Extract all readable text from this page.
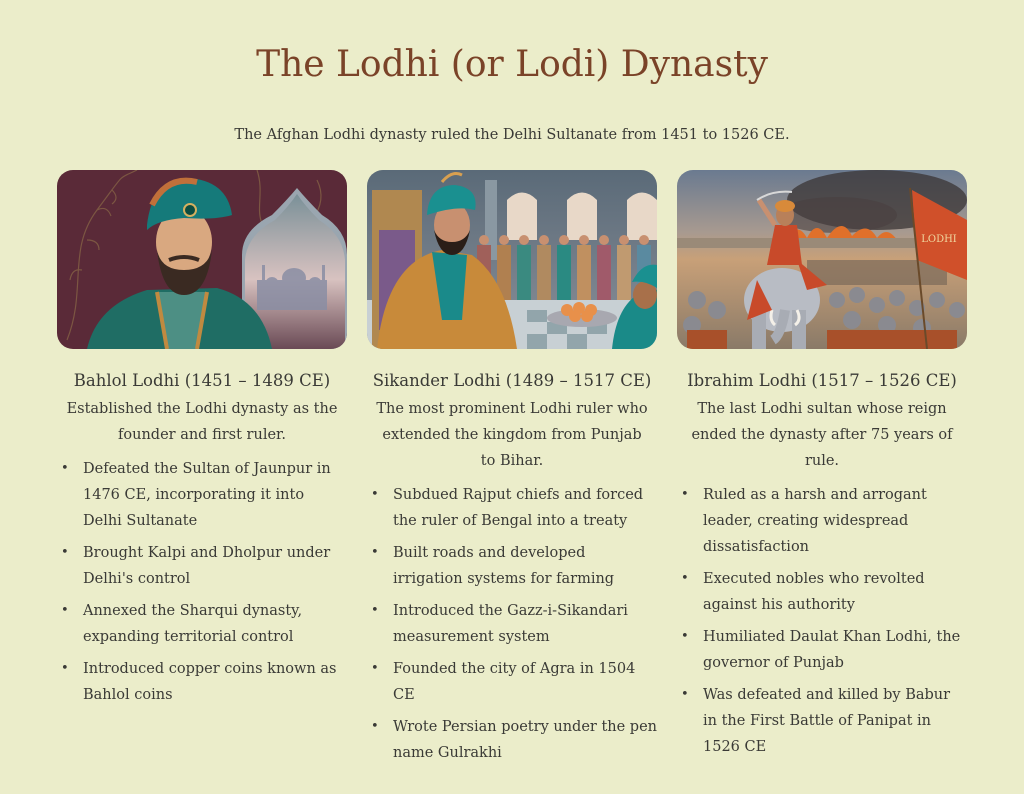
The Lodhi (or Lodi) Dynasty

The Afghan Lodhi dynasty ruled the Delhi Sultanate from 1451 to 1526 CE.

Bahlol Lodhi (1451 – 1489 CE)
Established the Lodhi dynasty as the founder and first ruler.
• Defeated the Sultan of Jaunpur in 1476 CE, incorporating it into Delhi Sultanate
• Brought Kalpi and Dholpur under Delhi's control
• Annexed the Sharqui dynasty, expanding territorial control
• Introduced copper coins known as Bahlol coins
Sikander Lodhi (1489 – 1517 CE)
The most prominent Lodhi ruler who extended the kingdom from Punjab to Bihar.
• Subdued Rajput chiefs and forced the ruler of Bengal into a treaty
• Built roads and developed irrigation systems for farming
• Introduced the Gazz-i-Sikandari measurement system
• Founded the city of Agra in 1504 CE
• Wrote Persian poetry under the pen name Gulrakhi
LODHI
Ibrahim Lodhi (1517 – 1526 CE)
The last Lodhi sultan whose reign ended the dynasty after 75 years of rule.
• Ruled as a harsh and arrogant leader, creating widespread dissatisfaction
• Executed nobles who revolted against his authority
• Humiliated Daulat Khan Lodhi, the governor of Punjab
• Was defeated and killed by Babur in the First Battle of Panipat in 1526 CE
